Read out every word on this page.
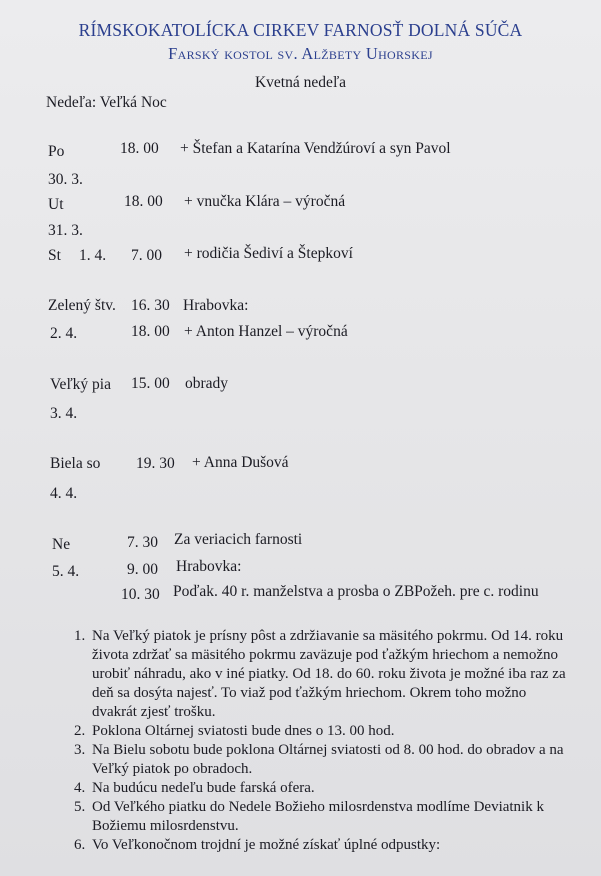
RÍMSKOKATOLÍCKA CIRKEV FARNOSŤ DOLNÁ SÚČA
Farský kostol sv. Alžbety Uhorskej
Kvetná nedeľa
Nedeľa: Veľká Noc
Po	18. 00 + Štefan a Katarína Vendžúroví a syn Pavol
30. 3.
Ut	18. 00 + vnučka Klára – výročná
31. 3.
St 1. 4. 7. 00 + rodičia Šediví a Štepkoví
Zelený štv. 16. 30 Hrabovka:
2. 4.	18. 00 + Anton Hanzel – výročná
Veľký pia 15. 00 obrady
3. 4.
Biela so 19. 30 + Anna Dušová
4. 4.
Ne	7. 30 Za veriacich farnosti
5. 4.	9. 00 Hrabovka:
10. 30 Poďak. 40 r. manželstva a prosba o ZBPožeh. pre c. rodinu
1. Na Veľký piatok je prísny pôst a zdržiavanie sa mäsitého pokrmu. Od 14. roku života zdržať sa mäsitého pokrmu zaväzuje pod ťažkým hriechom a nemožno urobiť náhradu, ako v iné piatky. Od 18. do 60. roku života je možné iba raz za deň sa dosýta najesť. To viaž pod ťažkým hriechom. Okrem toho možno dvakrát zjesť trošku.
2. Poklona Oltárnej sviatosti bude dnes o 13. 00 hod.
3. Na Bielu sobotu bude poklona Oltárnej sviatosti od 8. 00 hod. do obradov a na Veľký piatok po obradoch.
4. Na budúcu nedeľu bude farská ofera.
5. Od Veľkého piatku do Nedele Božieho milosrdenstva modlíme Deviatnik k Božiemu milosrdenstvu.
6. Vo Veľkonočnom trojdní je možné získať úplné odpustky:
